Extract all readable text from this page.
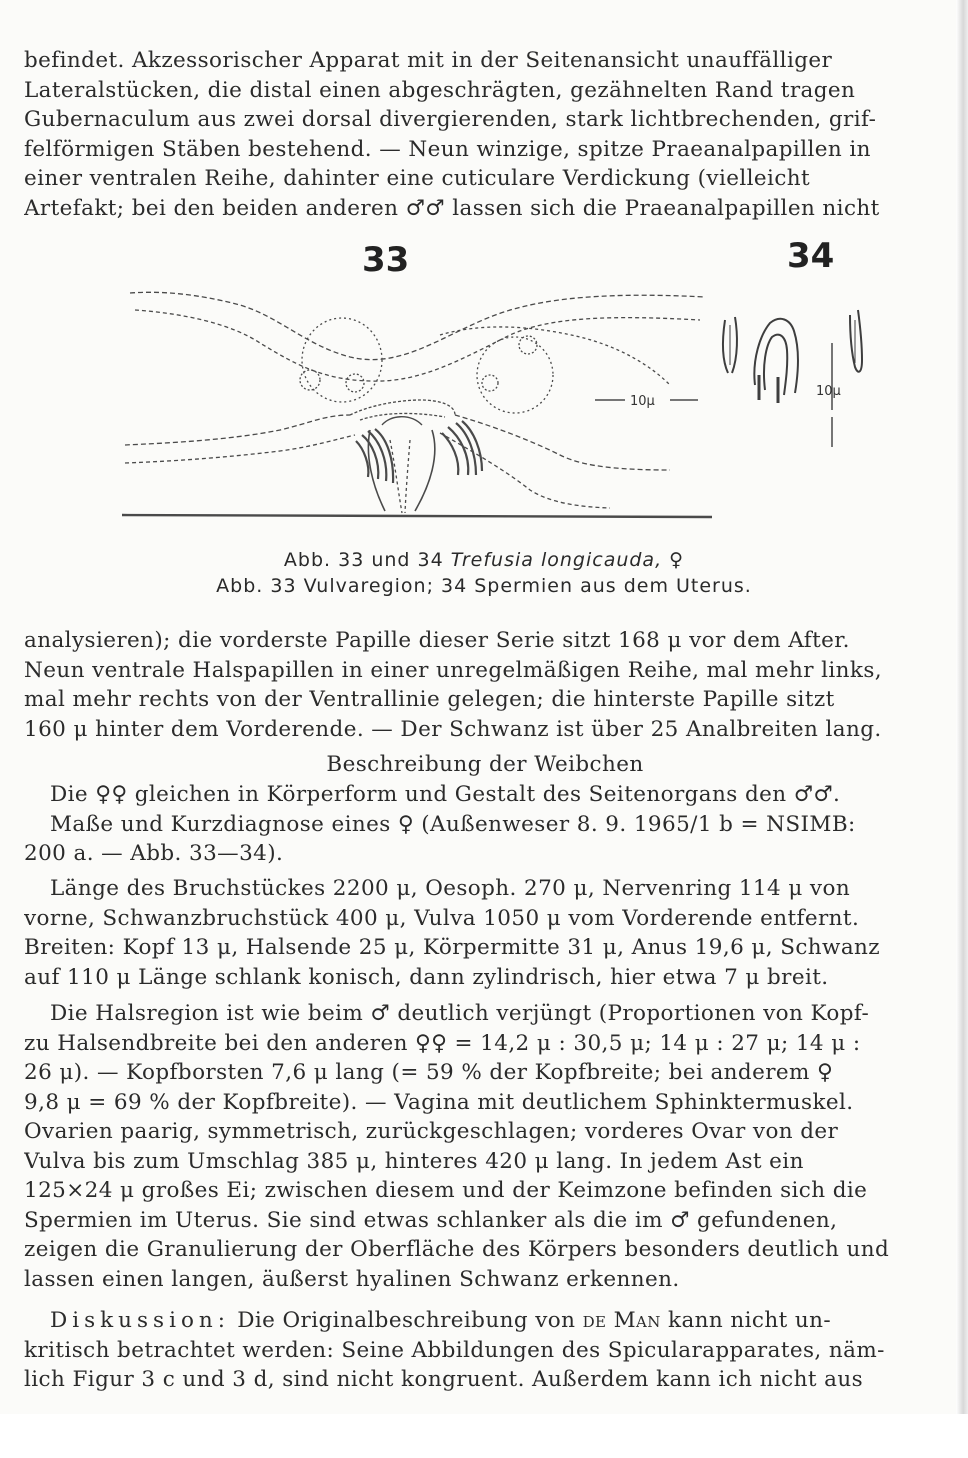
befindet. Akzessorischer Apparat mit in der Seitenansicht unauffälliger
Lateralstücken, die distal einen abgeschrägten, gezähnelten Rand tragen
Gubernaculum aus zwei dorsal divergierenden, stark lichtbrechenden, grif-
felförmigen Stäben bestehend. — Neun winzige, spitze Praeanalpapillen in
einer ventralen Reihe, dahinter eine cuticulare Verdickung (vielleicht
Artefakt; bei den beiden anderen ♂♂ lassen sich die Praeanalpapillen nicht
33	34
10μ
10μ
Abb. 33 und 34 Trefusia longicauda, ♀
Abb. 33 Vulvaregion; 34 Spermien aus dem Uterus.
analysieren); die vorderste Papille dieser Serie sitzt 168 μ vor dem After.
Neun ventrale Halspapillen in einer unregelmäßigen Reihe, mal mehr links,
mal mehr rechts von der Ventrallinie gelegen; die hinterste Papille sitzt
160 μ hinter dem Vorderende. — Der Schwanz ist über 25 Analbreiten lang.
Beschreibung der Weibchen
Die ♀♀ gleichen in Körperform und Gestalt des Seitenorgans den ♂♂.
Maße und Kurzdiagnose eines ♀ (Außenweser 8. 9. 1965/1 b = NSIMB:
200 a. — Abb. 33—34).
Länge des Bruchstückes 2200 μ, Oesoph. 270 μ, Nervenring 114 μ von
vorne, Schwanzbruchstück 400 μ, Vulva 1050 μ vom Vorderende entfernt.
Breiten: Kopf 13 μ, Halsende 25 μ, Körpermitte 31 μ, Anus 19,6 μ, Schwanz
auf 110 μ Länge schlank konisch, dann zylindrisch, hier etwa 7 μ breit.
Die Halsregion ist wie beim ♂ deutlich verjüngt (Proportionen von Kopf-
zu Halsendbreite bei den anderen ♀♀ = 14,2 μ : 30,5 μ; 14 μ : 27 μ; 14 μ :
26 μ). — Kopfborsten 7,6 μ lang (= 59 % der Kopfbreite; bei anderem ♀
9,8 μ = 69 % der Kopfbreite). — Vagina mit deutlichem Sphinktermuskel.
Ovarien paarig, symmetrisch, zurückgeschlagen; vorderes Ovar von der
Vulva bis zum Umschlag 385 μ, hinteres 420 μ lang. In jedem Ast ein
125×24 μ großes Ei; zwischen diesem und der Keimzone befinden sich die
Spermien im Uterus. Sie sind etwas schlanker als die im ♂ gefundenen,
zeigen die Granulierung der Oberfläche des Körpers besonders deutlich und
lassen einen langen, äußerst hyalinen Schwanz erkennen.
Diskussion: Die Originalbeschreibung von de Man kann nicht un-
kritisch betrachtet werden: Seine Abbildungen des Spicularapparates, näm-
lich Figur 3 c und 3 d, sind nicht kongruent. Außerdem kann ich nicht aus
